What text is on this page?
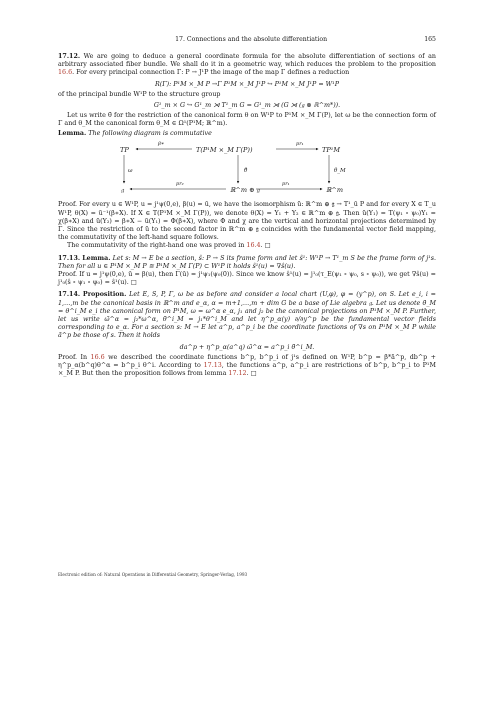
17. Connections and the absolute differentiation	165

17.12. We are going to deduce a general coordinate formula for the absolute differentiation of sections of an arbitrary associated fiber bundle. We shall do it in a geometric way, which reduces the problem to the proposition 16.6. For every principal connection Γ: P → J¹P the image of the map Γ defines a reduction

R(Γ): P¹M ×_M P →Γ P¹M ×_M J¹P ↪ P¹M ×_M J¹P = W¹P

of the principal bundle W¹P to the structure group

G¹_m × G ↪ G¹_m ⋊ T¹_m G = G¹_m ⋊ (G ⋊ (𝔤 ⊗ ℝ^m*)).

Let us write θ̄ for the restriction of the canonical form θ on W¹P to P¹M ×_M Γ(P), let ω be the connection form of Γ and θ_M the canonical form θ_M ∈ Ω¹(P¹M; ℝ^m).

Lemma. The following diagram is commutative

TP	T(P¹M ×_M Γ(P))	TP¹M
𝔤	ℝ^m ⊕ 𝔤	ℝ^m
β∗	pr₁
pr₂	pr₁
ω	θ̄	θ_M

Proof. For every u ∈ W¹P, u = j¹ψ(0,e), β(u) = ū, we have the isomorphism ũ: ℝ^m ⊕ 𝔤 → T¹_ū P and for every X ∈ T_u W¹P, θ(X) = ũ⁻¹(β∗X). If X ∈ T(P¹M ×_M Γ(P)), we denote θ(X) = Y₁ + Y₂ ∈ ℝ^m ⊕ 𝔤. Then ũ(Y₁) = T(ψ₁ ∘ ψ₀)Y₁ = χ(β∗X) and ũ(Y₂) = β∗X − ũ(Y₁) = Φ(β∗X), where Φ and χ are the vertical and horizontal projections determined by Γ. Since the restriction of ũ to the second factor in ℝ^m ⊕ 𝔤 coincides with the fundamental vector field mapping, the commutativity of the left-hand square follows.

The commutativity of the right-hand one was proved in 16.4. □

17.13. Lemma. Let s: M → E be a section, ŝ: P → S its frame form and let ŝ¹: W¹P → T¹_m S be the frame form of j¹s. Then for all u ∈ P¹M ×_M P ≅ P¹M ×_M Γ(P) ⊂ W¹P it holds ŝ¹(u) = ∇ŝ(u).

Proof. If u = j¹ψ(0,e), ū = β(u), then Γ(ū) = j¹ψ₁(ψ₀(0)). Since we know ŝ¹(u) = j¹₀(τ_E(ψ₁ ∘ ψ₀, s ∘ ψ₀)), we get ∇ŝ(u) = j¹₀(ŝ ∘ ψ₁ ∘ ψ₀) = ŝ¹(u). □

17.14. Proposition. Let E, S, P, Γ, ω be as before and consider a local chart (U,φ), φ = (y^p), on S. Let e_i, i = 1,…,m be the canonical basis in ℝ^m and e_α, α = m+1,…,m + dim G be a base of Lie algebra 𝔤. Let us denote θ̄_M = θ^i_M e_i the canonical form on P¹M, ω = ω^α e_α, j₁ and j₂ be the canonical projections on P¹M ×_M P. Further, let us write ω̃^α = j₂*ω^α, θ̄^i_M = j₁*θ^i_M and let η^p_α(y) ∂/∂y^p be the fundamental vector fields corresponding to e_α. For a section s: M → E let a^p, a^p_i be the coordinate functions of ∇s on P¹M ×_M P while ã^p be those of s. Then it holds

da^p + η^p_α(a^q) ω̃^α = a^p_i θ̄^i_M.

Proof. In 16.6 we described the coordinate functions b^p, b^p_i of j¹s defined on W¹P, b^p = β*ã^p, db^p + η^p_α(b^q)θ^α = b^p_i θ^i. According to 17.13, the functions a^p, a^p_i are restrictions of b^p, b^p_i to P¹M ×_M P. But then the proposition follows from lemma 17.12. □

Electronic edition of: Natural Operations in Differential Geometry, Springer-Verlag, 1993
